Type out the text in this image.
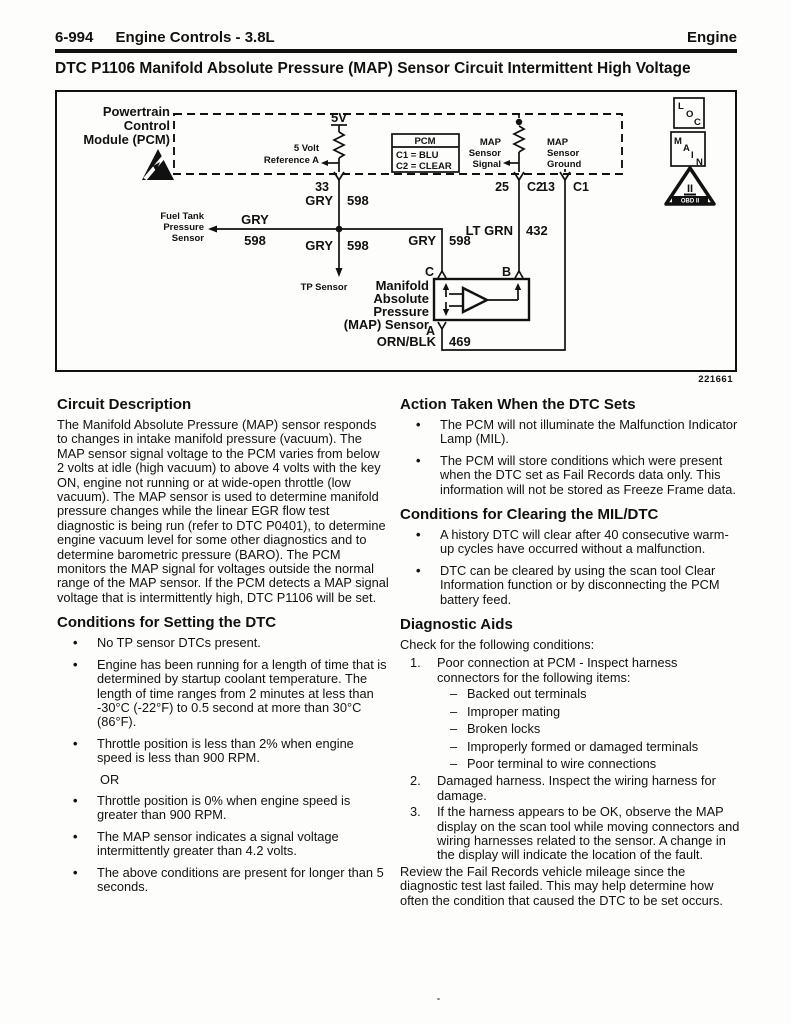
6-994 Engine Controls - 3.8L	Engine
DTC P1106 Manifold Absolute Pressure (MAP) Sensor Circuit Intermittent High Voltage
Powertrain
Control
Module (PCM)
5V
5 Volt
Reference A
33
PCM
C1 = BLU
C2 = CLEAR
MAP
Sensor
Signal
25 C2
MAP
Sensor
Ground
13 C1
GRY 598
GRY
598
Fuel Tank
Pressure
Sensor	GRY 598
TP Sensor
GRY 598
C
LT GRN 432
B
Manifold
Absolute
Pressure
(MAP) Sensor
A
ORN/BLK 469
L
O
C
M
A
I
N
II
OBD II
221661
Circuit Description

The Manifold Absolute Pressure (MAP) sensor responds to changes in intake manifold pressure (vacuum). The MAP sensor signal voltage to the PCM varies from below 2 volts at idle (high vacuum) to above 4 volts with the key ON, engine not running or at wide-open throttle (low vacuum). The MAP sensor is used to determine manifold pressure changes while the linear EGR flow test diagnostic is being run (refer to DTC P0401), to determine engine vacuum level for some other diagnostics and to determine barometric pressure (BARO). The PCM monitors the MAP signal for voltages outside the normal range of the MAP sensor. If the PCM detects a MAP signal voltage that is intermittently high, DTC P1106 will be set.

Conditions for Setting the DTC
• No TP sensor DTCs present.
• Engine has been running for a length of time that is determined by startup coolant temperature. The length of time ranges from 2 minutes at less than -30°C (-22°F) to 0.5 second at more than 30°C (86°F).
• Throttle position is less than 2% when engine speed is less than 900 RPM.
OR
• Throttle position is 0% when engine speed is greater than 900 RPM.
• The MAP sensor indicates a signal voltage intermittently greater than 4.2 volts.
• The above conditions are present for longer than 5 seconds.
Action Taken When the DTC Sets
• The PCM will not illuminate the Malfunction Indicator Lamp (MIL).
• The PCM will store conditions which were present when the DTC set as Fail Records data only. This information will not be stored as Freeze Frame data.
Conditions for Clearing the MIL/DTC
• A history DTC will clear after 40 consecutive warm-up cycles have occurred without a malfunction.
• DTC can be cleared by using the scan tool Clear Information function or by disconnecting the PCM battery feed.
Diagnostic Aids

Check for the following conditions:

1. Poor connection at PCM - Inspect harness connectors for the following items:
– Backed out terminals
– Improper mating
– Broken locks
– Improperly formed or damaged terminals
– Poor terminal to wire connections
2. Damaged harness. Inspect the wiring harness for damage.
3. If the harness appears to be OK, observe the MAP display on the scan tool while moving connectors and wiring harnesses related to the sensor. A change in the display will indicate the location of the fault.

Review the Fail Records vehicle mileage since the diagnostic test last failed. This may help determine how often the condition that caused the DTC to be set occurs.
